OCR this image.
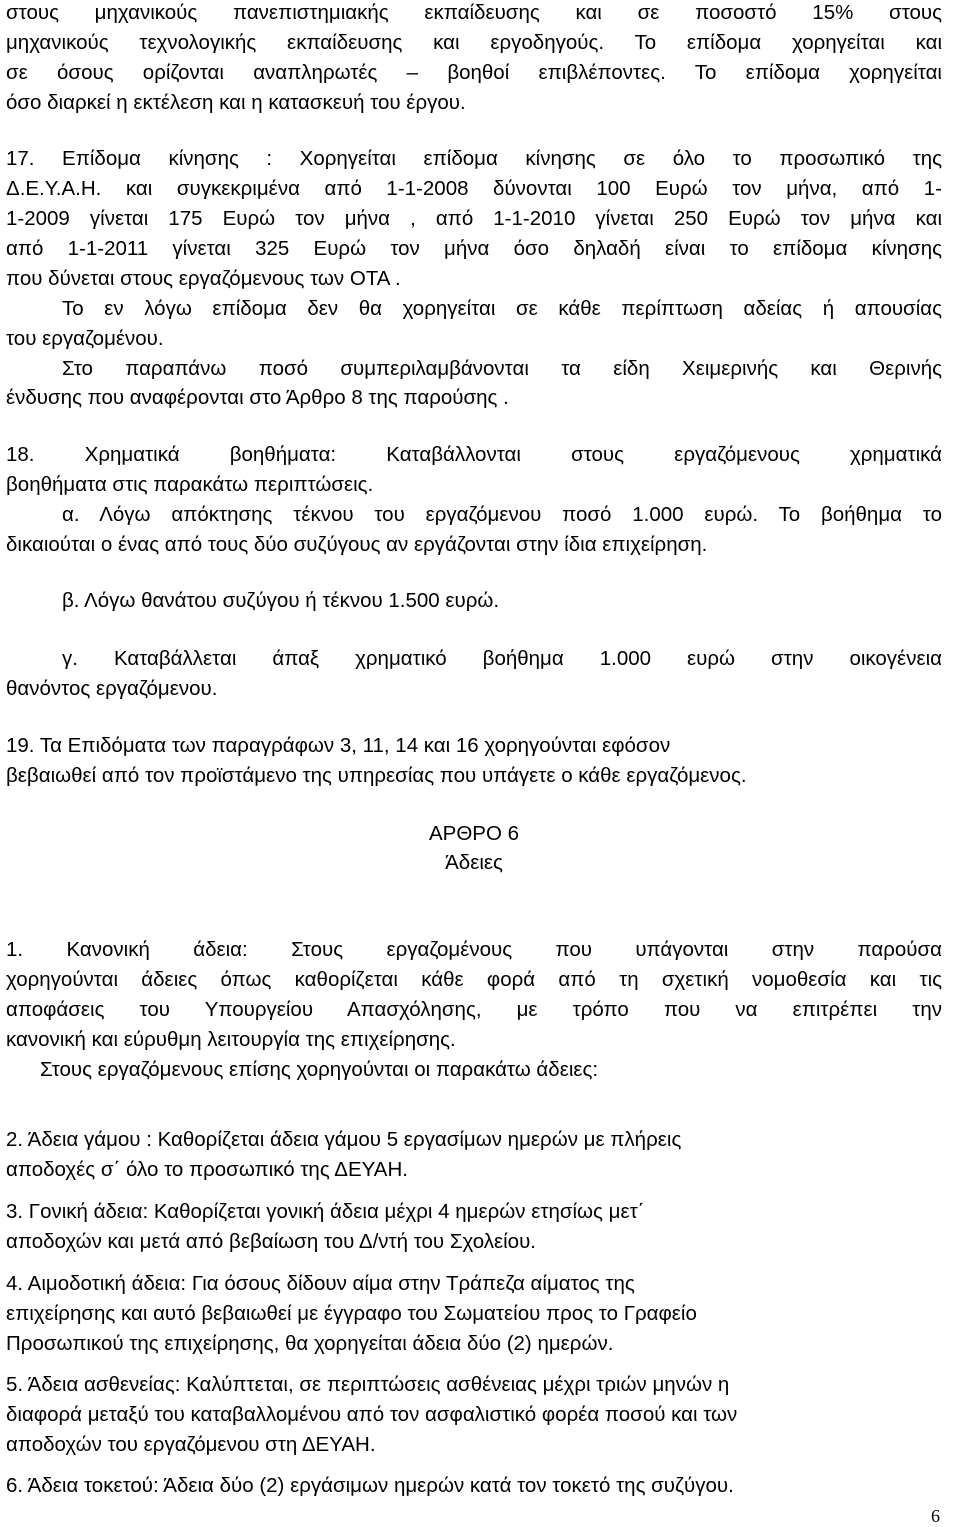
στους μηχανικούς πανεπιστημιακής εκπαίδευσης και σε ποσοστό 15% στους
μηχανικούς τεχνολογικής εκπαίδευσης και εργοδηγούς. Το επίδομα χορηγείται και
σε όσους ορίζονται αναπληρωτές – βοηθοί επιβλέποντες. Το επίδομα χορηγείται
όσο διαρκεί η εκτέλεση και η κατασκευή του έργου.
17. Επίδομα κίνησης : Χορηγείται επίδομα κίνησης σε όλο το προσωπικό της
Δ.Ε.Υ.Α.Η. και συγκεκριμένα από 1-1-2008 δύνονται 100 Ευρώ τον μήνα, από 1-
1-2009 γίνεται 175 Ευρώ τον μήνα , από 1-1-2010 γίνεται 250 Ευρώ τον μήνα και
από 1-1-2011 γίνεται 325 Ευρώ τον μήνα όσο δηλαδή είναι το επίδομα κίνησης
που δύνεται στους εργαζόμενους των ΟΤΑ .
Το εν λόγω επίδομα δεν θα χορηγείται σε κάθε περίπτωση αδείας ή απουσίας
του εργαζομένου.
Στο παραπάνω ποσό συμπεριλαμβάνονται τα είδη Χειμερινής και Θερινής
ένδυσης που αναφέρονται στο Άρθρο 8 της παρούσης .
18. Χρηματικά βοηθήματα: Καταβάλλονται στους εργαζόμενους χρηματικά
βοηθήματα στις παρακάτω περιπτώσεις.
α. Λόγω απόκτησης τέκνου του εργαζόμενου ποσό 1.000 ευρώ. Το βοήθημα το
δικαιούται ο ένας από τους δύο συζύγους αν εργάζονται στην ίδια επιχείρηση.
β. Λόγω θανάτου συζύγου ή τέκνου 1.500 ευρώ.
γ. Καταβάλλεται άπαξ χρηματικό βοήθημα 1.000 ευρώ στην οικογένεια
θανόντος εργαζόμενου.
19. Τα Επιδόματα των παραγράφων 3, 11, 14 και 16 χορηγούνται εφόσον
βεβαιωθεί από τον προϊστάμενο της υπηρεσίας που υπάγετε ο κάθε εργαζόμενος.
ΑΡΘΡΟ 6
Άδειες
1. Κανονική άδεια: Στους εργαζομένους που υπάγονται στην παρούσα
χορηγούνται άδειες όπως καθορίζεται κάθε φορά από τη σχετική νομοθεσία και τις
αποφάσεις του Υπουργείου Απασχόλησης, με τρόπο που να επιτρέπει την
κανονική και εύρυθμη λειτουργία της επιχείρησης.
Στους εργαζόμενους επίσης χορηγούνται οι παρακάτω άδειες:
2. Άδεια γάμου : Καθορίζεται άδεια γάμου 5 εργασίμων ημερών με πλήρεις
αποδοχές σ΄ όλο το προσωπικό της ΔΕΥΑΗ.
3. Γονική άδεια: Καθορίζεται γονική άδεια μέχρι 4 ημερών ετησίως μετ΄
αποδοχών και μετά από βεβαίωση του Δ/ντή του Σχολείου.
4. Αιμοδοτική άδεια: Για όσους δίδουν αίμα στην Τράπεζα αίματος της
επιχείρησης και αυτό βεβαιωθεί με έγγραφο του Σωματείου προς το Γραφείο
Προσωπικού της επιχείρησης, θα χορηγείται άδεια δύο (2) ημερών.
5. Άδεια ασθενείας: Καλύπτεται, σε περιπτώσεις ασθένειας μέχρι τριών μηνών η
διαφορά μεταξύ του καταβαλλομένου από τον ασφαλιστικό φορέα ποσού και των
αποδοχών του εργαζόμενου στη ΔΕΥΑΗ.
6. Άδεια τοκετού: Άδεια δύο (2) εργάσιμων ημερών κατά τον τοκετό της συζύγου.
6
